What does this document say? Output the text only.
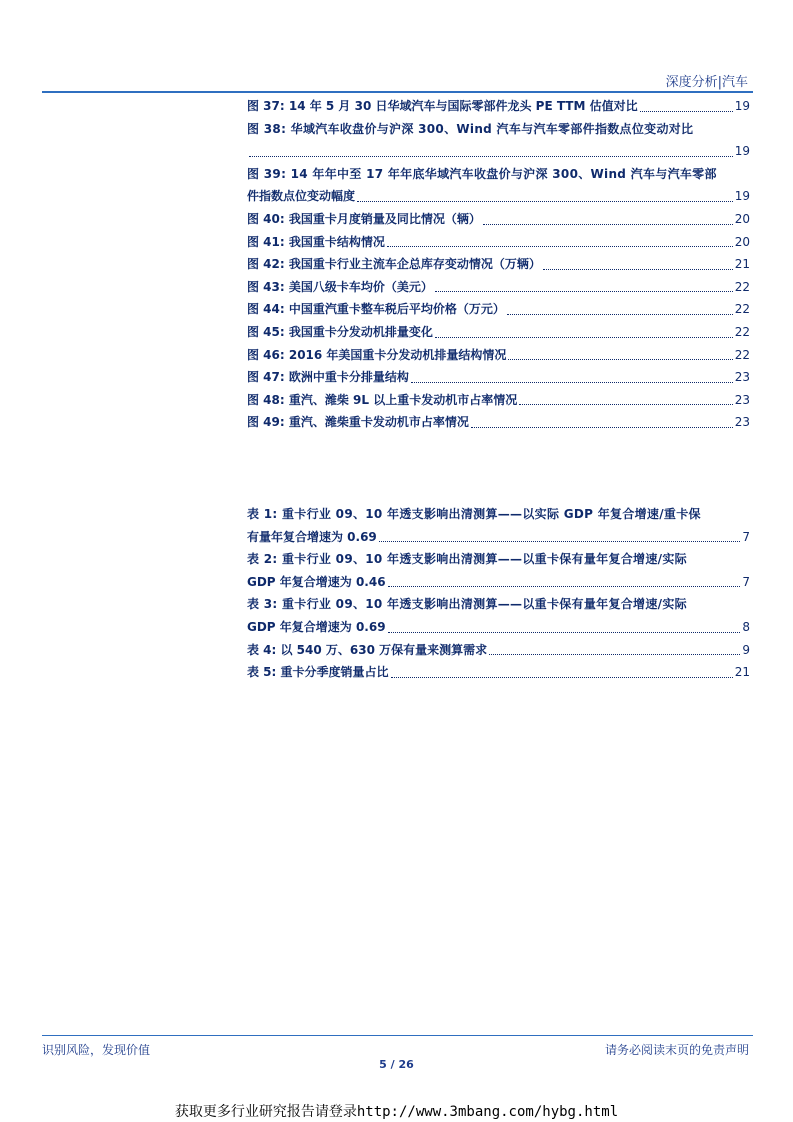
深度分析|汽车
图 37: 14 年 5 月 30 日华域汽车与国际零部件龙头 PE TTM 估值对比	19
图 38: 华域汽车收盘价与沪深 300、Wind 汽车与汽车零部件指数点位变动对比
19
图 39: 14 年年中至 17 年年底华域汽车收盘价与沪深 300、Wind 汽车与汽车零部
件指数点位变动幅度	19
图 40: 我国重卡月度销量及同比情况（辆）	20
图 41: 我国重卡结构情况	20
图 42: 我国重卡行业主流车企总库存变动情况（万辆）	21
图 43: 美国八级卡车均价（美元）	22
图 44: 中国重汽重卡整车税后平均价格（万元）	22
图 45: 我国重卡分发动机排量变化	22
图 46: 2016 年美国重卡分发动机排量结构情况	22
图 47: 欧洲中重卡分排量结构	23
图 48: 重汽、潍柴 9L 以上重卡发动机市占率情况	23
图 49: 重汽、潍柴重卡发动机市占率情况	23
表 1: 重卡行业 09、10 年透支影响出清测算——以实际 GDP 年复合增速/重卡保
有量年复合增速为 0.69	7
表 2: 重卡行业 09、10 年透支影响出清测算——以重卡保有量年复合增速/实际
GDP 年复合增速为 0.46	7
表 3: 重卡行业 09、10 年透支影响出清测算——以重卡保有量年复合增速/实际
GDP 年复合增速为 0.69	8
表 4: 以 540 万、630 万保有量来测算需求	9
表 5: 重卡分季度销量占比	21
识别风险，发现价值	请务必阅读末页的免责声明
5 / 26
获取更多行业研究报告请登录http://www.3mbang.com/hybg.html
